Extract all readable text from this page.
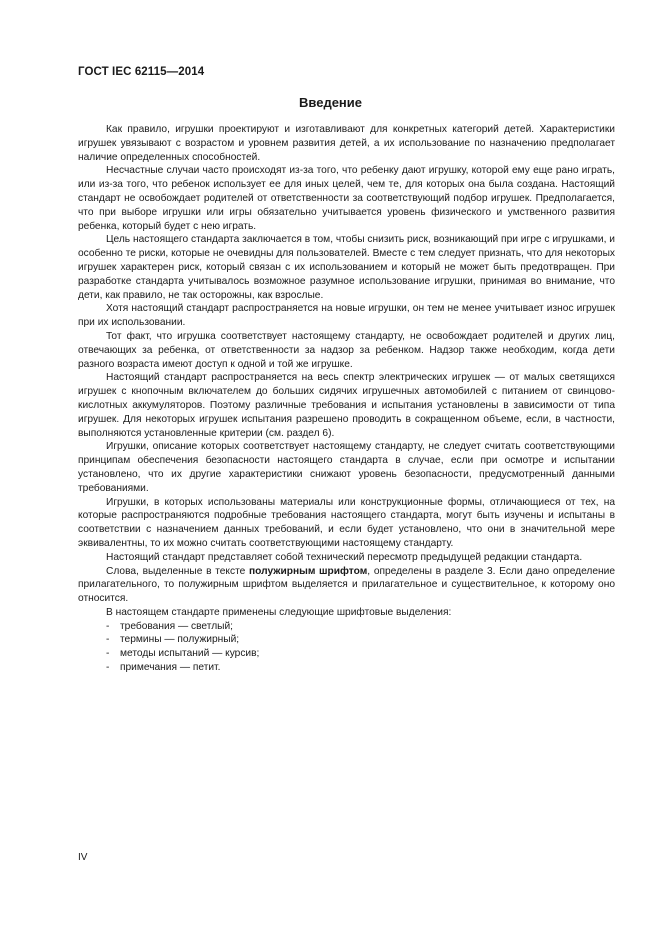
ГОСТ IEC 62115—2014
Введение

Как правило, игрушки проектируют и изготавливают для конкретных категорий детей. Характеристики игрушек увязывают с возрастом и уровнем развития детей, а их использование по назначению предполагает наличие определенных способностей.

Несчастные случаи часто происходят из-за того, что ребенку дают игрушку, которой ему еще рано играть, или из-за того, что ребенок использует ее для иных целей, чем те, для которых она была создана. Настоящий стандарт не освобождает родителей от ответственности за соответствующий подбор игрушек. Предполагается, что при выборе игрушки или игры обязательно учитывается уровень физического и умственного развития ребенка, который будет с нею играть.

Цель настоящего стандарта заключается в том, чтобы снизить риск, возникающий при игре с игрушками, и особенно те риски, которые не очевидны для пользователей. Вместе с тем следует признать, что для некоторых игрушек характерен риск, который связан с их использованием и который не может быть предотвращен. При разработке стандарта учитывалось возможное разумное использование игрушки, принимая во внимание, что дети, как правило, не так осторожны, как взрослые.

Хотя настоящий стандарт распространяется на новые игрушки, он тем не менее учитывает износ игрушек при их использовании.

Тот факт, что игрушка соответствует настоящему стандарту, не освобождает родителей и других лиц, отвечающих за ребенка, от ответственности за надзор за ребенком. Надзор также необходим, когда дети разного возраста имеют доступ к одной и той же игрушке.

Настоящий стандарт распространяется на весь спектр электрических игрушек — от малых светящихся игрушек с кнопочным включателем до больших сидячих игрушечных автомобилей с питанием от свинцово-кислотных аккумуляторов. Поэтому различные требования и испытания установлены в зависимости от типа игрушек. Для некоторых игрушек испытания разрешено проводить в сокращенном объеме, если, в частности, выполняются установленные критерии (см. раздел 6).

Игрушки, описание которых соответствует настоящему стандарту, не следует считать соответствующими принципам обеспечения безопасности настоящего стандарта в случае, если при осмотре и испытании установлено, что их другие характеристики снижают уровень безопасности, предусмотренный данными требованиями.

Игрушки, в которых использованы материалы или конструкционные формы, отличающиеся от тех, на которые распространяются подробные требования настоящего стандарта, могут быть изучены и испытаны в соответствии с назначением данных требований, и если будет установлено, что они в значительной мере эквивалентны, то их можно считать соответствующими настоящему стандарту.

Настоящий стандарт представляет собой технический пересмотр предыдущей редакции стандарта.

Слова, выделенные в тексте полужирным шрифтом, определены в разделе 3. Если дано определение прилагательного, то полужирным шрифтом выделяется и прилагательное и существительное, к которому оно относится.

В настоящем стандарте применены следующие шрифтовые выделения:

- требования — светлый;
- термины — полужирный;
- методы испытаний — курсив;
- примечания — петит.
IV
